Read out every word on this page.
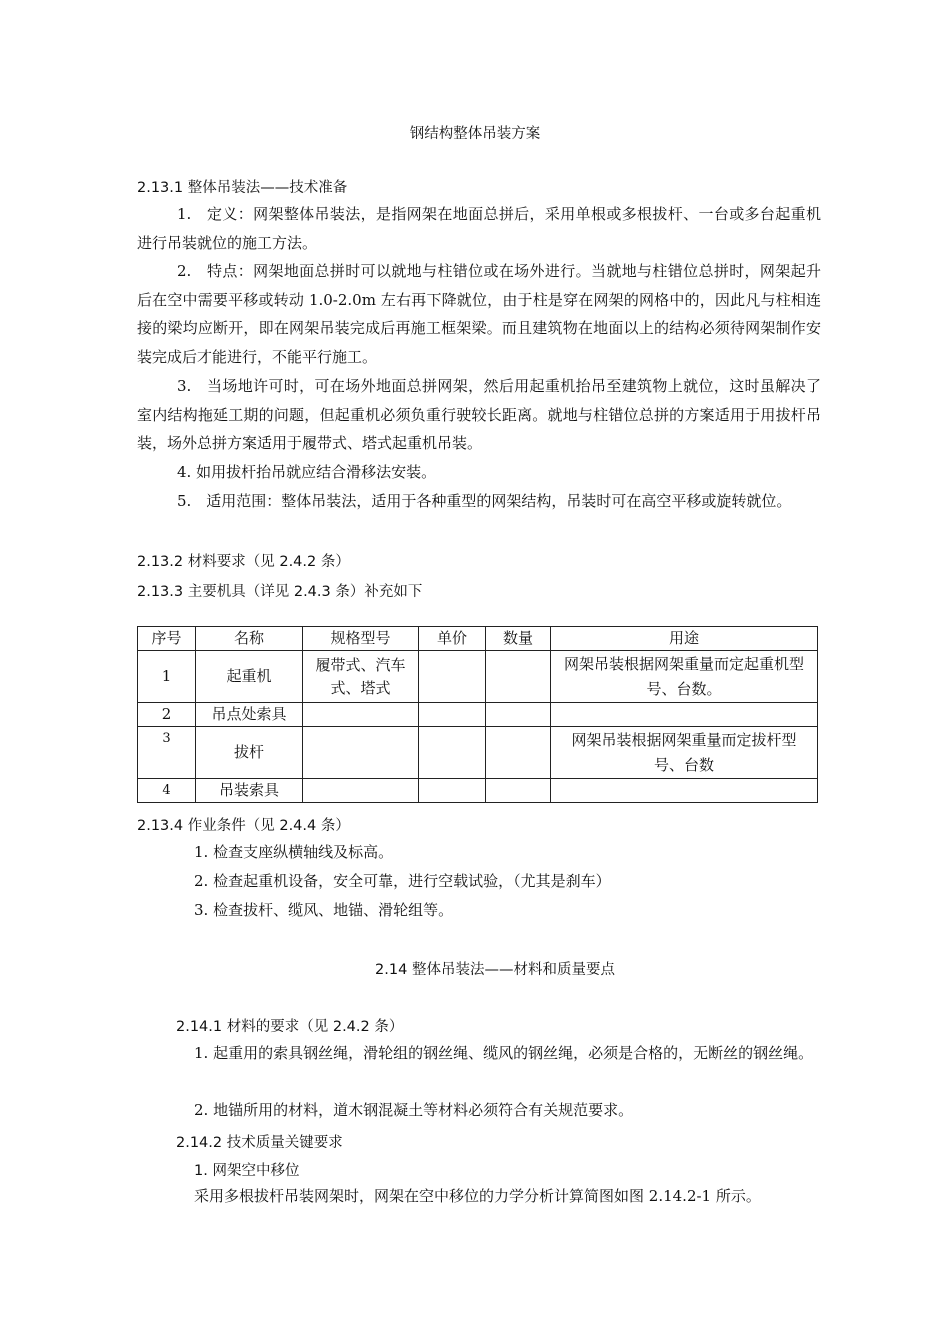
钢结构整体吊装方案
2.13.1 整体吊装法——技术准备
1.　定义：网架整体吊装法，是指网架在地面总拼后，采用单根或多根拔杆、一台或多台起重机进行吊装就位的施工方法。
2.　特点：网架地面总拼时可以就地与柱错位或在场外进行。当就地与柱错位总拼时，网架起升后在空中需要平移或转动 1.0-2.0m 左右再下降就位，由于柱是穿在网架的网格中的，因此凡与柱相连接的梁均应断开，即在网架吊装完成后再施工框架梁。而且建筑物在地面以上的结构必须待网架制作安装完成后才能进行，不能平行施工。
3.　当场地许可时，可在场外地面总拼网架，然后用起重机抬吊至建筑物上就位，这时虽解决了室内结构拖延工期的问题，但起重机必须负重行驶较长距离。就地与柱错位总拼的方案适用于用拔杆吊装，场外总拼方案适用于履带式、塔式起重机吊装。
4. 如用拔杆抬吊就应结合滑移法安装。
5.　适用范围：整体吊装法，适用于各种重型的网架结构，吊装时可在高空平移或旋转就位。
2.13.2 材料要求（见 2.4.2 条）
2.13.3 主要机具（详见 2.4.3 条）补充如下
序号	名称	规格型号	单价	数量	用途
1	起重机	履带式、汽车式、塔式			网架吊装根据网架重量而定起重机型号、台数。
2	吊点处索具				
3	拔杆				网架吊装根据网架重量而定拔杆型号、台数
4	吊装索具				
2.13.4 作业条件（见 2.4.4 条）
1. 检查支座纵横轴线及标高。
2. 检查起重机设备，安全可靠，进行空载试验，（尤其是刹车）
3. 检查拔杆、缆风、地锚、滑轮组等。
2.14 整体吊装法——材料和质量要点
2.14.1 材料的要求（见 2.4.2 条）
1. 起重用的索具钢丝绳，滑轮组的钢丝绳、缆风的钢丝绳，必须是合格的，无断丝的钢丝绳。
2. 地锚所用的材料，道木钢混凝土等材料必须符合有关规范要求。
2.14.2 技术质量关键要求
1. 网架空中移位
采用多根拔杆吊装网架时，网架在空中移位的力学分析计算简图如图 2.14.2-1 所示。
